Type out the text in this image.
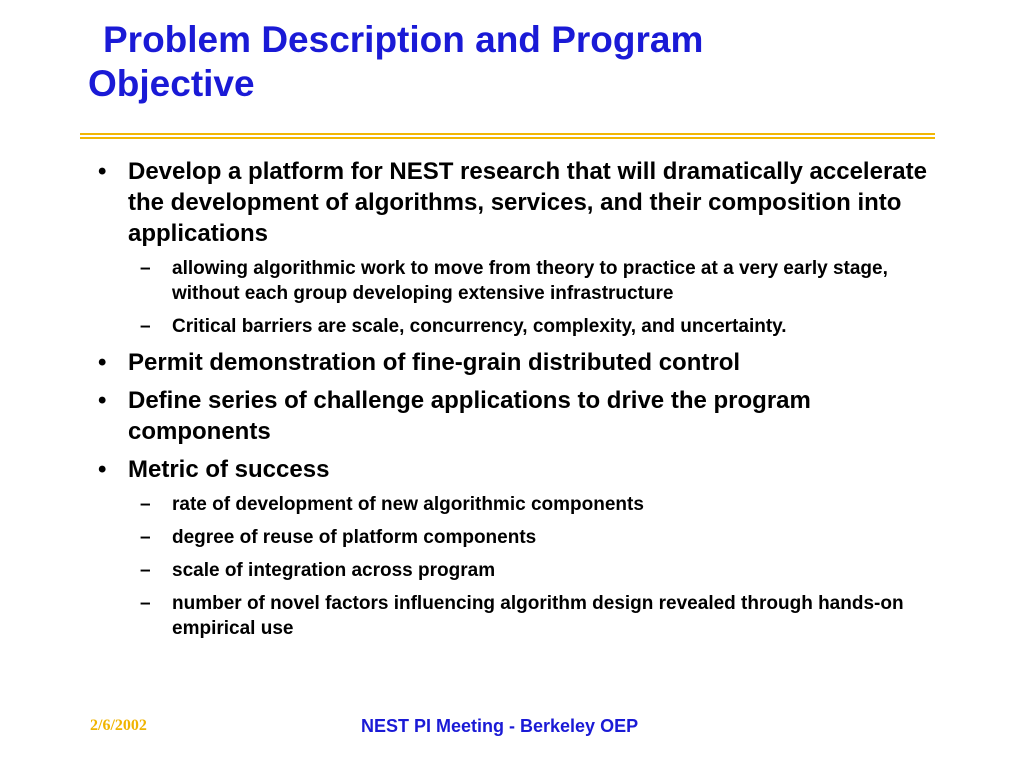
Problem Description and Program
Objective
• Develop a platform for NEST research that will dramatically accelerate the development of algorithms, services, and their composition into applications
– allowing algorithmic work to move from theory to practice at a very early stage, without each group developing extensive infrastructure
– Critical barriers are scale, concurrency, complexity, and uncertainty.
• Permit demonstration of fine-grain distributed control
• Define series of challenge applications to drive the program components
• Metric of success
– rate of development of new algorithmic components
– degree of reuse of platform components
– scale of integration across program
– number of novel factors influencing algorithm design revealed through hands-on empirical use
2/6/2002	NEST PI Meeting - Berkeley OEP
